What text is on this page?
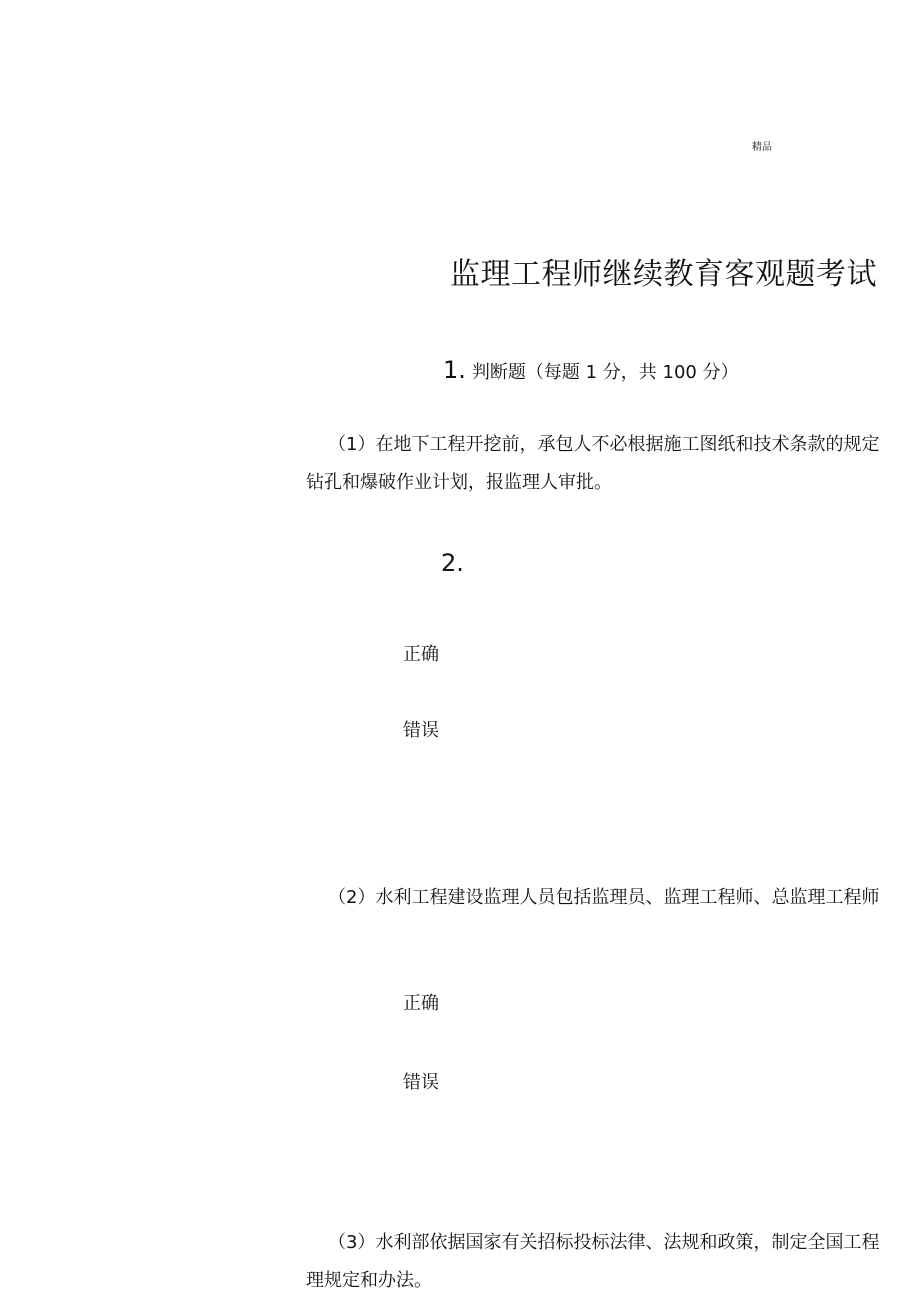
精品
监理工程师继续教育客观题考试
1. 判断题（每题 1 分，共 100 分）
（1）在地下工程开挖前，承包人不必根据施工图纸和技术条款的规定
钻孔和爆破作业计划，报监理人审批。
2.
正确
错误
（2）水利工程建设监理人员包括监理员、监理工程师、总监理工程师
正确
错误
（3）水利部依据国家有关招标投标法律、法规和政策，制定全国工程
理规定和办法。
